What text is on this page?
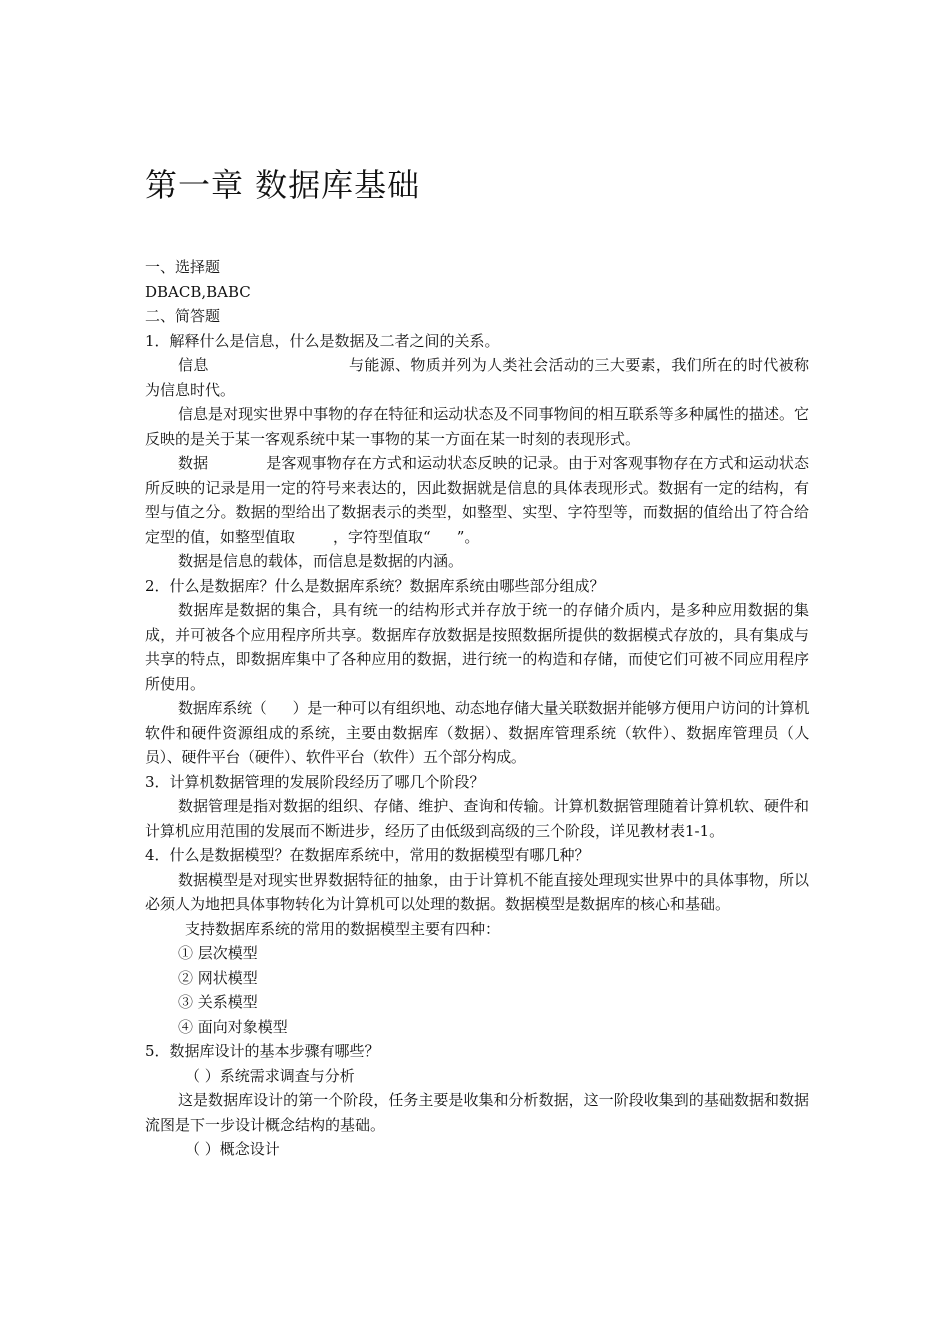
第一章 数据库基础
一、选择题
DBACB,BABC
二、简答题
1．解释什么是信息，什么是数据及二者之间的关系。

信息	与能源、物质并列为人类社会活动的三大要素，我们所在的时代被称为信息时代。

信息是对现实世界中事物的存在特征和运动状态及不同事物间的相互联系等多种属性的描述。它反映的是关于某一客观系统中某一事物的某一方面在某一时刻的表现形式。

数据	是客观事物存在方式和运动状态反映的记录。由于对客观事物存在方式和运动状态所反映的记录是用一定的符号来表达的，因此数据就是信息的具体表现形式。数据有一定的结构，有型与值之分。数据的型给出了数据表示的类型，如整型、实型、字符型等，而数据的值给出了符合给定型的值，如整型值取	，字符型值取“ ”。

数据是信息的载体，而信息是数据的内涵。

2．什么是数据库？什么是数据库系统？数据库系统由哪些部分组成？

数据库是数据的集合，具有统一的结构形式并存放于统一的存储介质内，是多种应用数据的集成，并可被各个应用程序所共享。数据库存放数据是按照数据所提供的数据模式存放的，具有集成与共享的特点，即数据库集中了各种应用的数据，进行统一的构造和存储，而使它们可被不同应用程序所使用。

数据库系统（ ）是一种可以有组织地、动态地存储大量关联数据并能够方便用户访问的计算机软件和硬件资源组成的系统，主要由数据库（数据）、数据库管理系统（软件）、数据库管理员（人员）、硬件平台（硬件）、软件平台（软件）五个部分构成。

3．计算机数据管理的发展阶段经历了哪几个阶段？

数据管理是指对数据的组织、存储、维护、查询和传输。计算机数据管理随着计算机软、硬件和计算机应用范围的发展而不断进步，经历了由低级到高级的三个阶段，详见教材表1-1。

4．什么是数据模型？在数据库系统中，常用的数据模型有哪几种？

数据模型是对现实世界数据特征的抽象，由于计算机不能直接处理现实世界中的具体事物，所以必须人为地把具体事物转化为计算机可以处理的数据。数据模型是数据库的核心和基础。

支持数据库系统的常用的数据模型主要有四种：
① 层次模型
② 网状模型
③ 关系模型
④ 面向对象模型
5．数据库设计的基本步骤有哪些？
（ ）系统需求调查与分析

这是数据库设计的第一个阶段，任务主要是收集和分析数据，这一阶段收集到的基础数据和数据流图是下一步设计概念结构的基础。

（ ）概念设计
